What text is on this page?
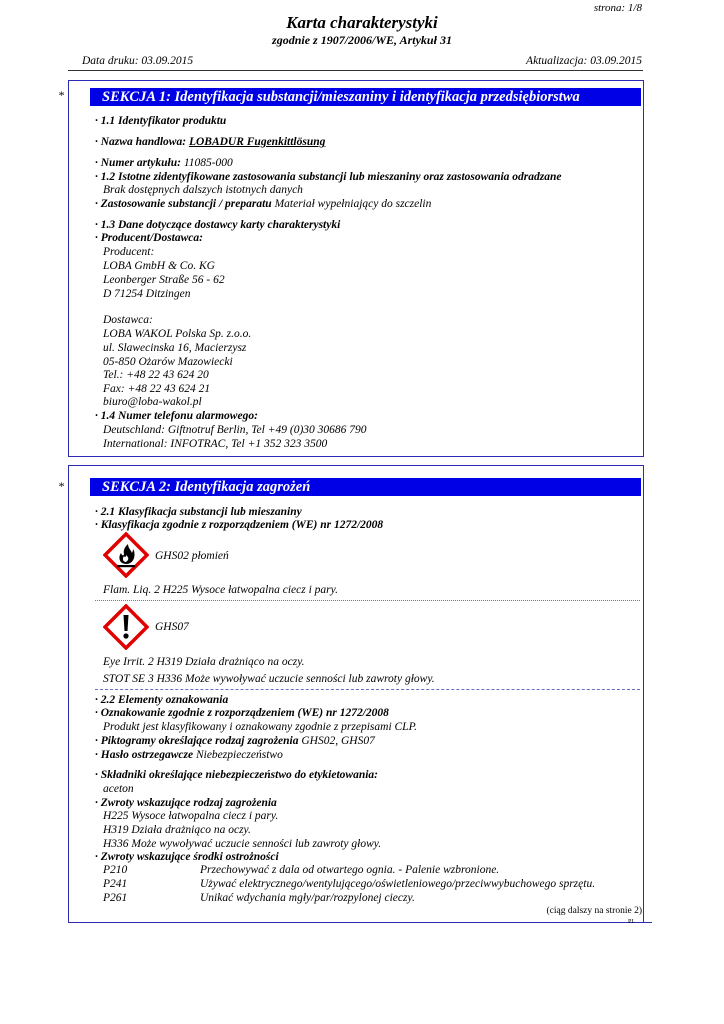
strona: 1/8
Karta charakterystyki
zgodnie z 1907/2006/WE, Artykuł 31
Data druku: 03.09.2015	Aktualizacja: 03.09.2015
*	SEKCJA 1: Identyfikacja substancji/mieszaniny i identyfikacja przedsiębiorstwa
· 1.1 Identyfikator produktu
· Nazwa handlowa: LOBADUR Fugenkittlösung
· Numer artykułu: 11085-000
· 1.2 Istotne zidentyfikowane zastosowania substancji lub mieszaniny oraz zastosowania odradzane
Brak dostępnych dalszych istotnych danych
· Zastosowanie substancji / preparatu Materiał wypełniający do szczelin
· 1.3 Dane dotyczące dostawcy karty charakterystyki
· Producent/Dostawca:
Producent:
LOBA GmbH & Co. KG
Leonberger Straße 56 - 62
D 71254 Ditzingen
Dostawca:
LOBA WAKOL Polska Sp. z.o.o.
ul. Slawecinska 16, Macierzysz
05-850 Ożarów Mazowiecki
Tel.: +48 22 43 624 20
Fax: +48 22 43 624 21
biuro@loba-wakol.pl
· 1.4 Numer telefonu alarmowego:
Deutschland: Giftnotruf Berlin, Tel +49 (0)30 30686 790
International: INFOTRAC, Tel +1 352 323 3500
*	SEKCJA 2: Identyfikacja zagrożeń
· 2.1 Klasyfikacja substancji lub mieszaniny
· Klasyfikacja zgodnie z rozporządzeniem (WE) nr 1272/2008
GHS02 płomień
Flam. Liq. 2 H225 Wysoce łatwopalna ciecz i pary.
GHS07
Eye Irrit. 2 H319 Działa drażniąco na oczy.
STOT SE 3 H336 Może wywoływać uczucie senności lub zawroty głowy.
· 2.2 Elementy oznakowania
· Oznakowanie zgodnie z rozporządzeniem (WE) nr 1272/2008
Produkt jest klasyfikowany i oznakowany zgodnie z przepisami CLP.
· Piktogramy określające rodzaj zagrożenia GHS02, GHS07
· Hasło ostrzegawcze Niebezpieczeństwo
· Składniki określające niebezpieczeństwo do etykietowania:
aceton
· Zwroty wskazujące rodzaj zagrożenia
H225 Wysoce łatwopalna ciecz i pary.
H319 Działa drażniąco na oczy.
H336 Może wywoływać uczucie senności lub zawroty głowy.
· Zwroty wskazujące środki ostrożności
P210	Przechowywać z dala od otwartego ognia. - Palenie wzbronione.
P241	Używać elektrycznego/wentylującego/oświetleniowego/przeciwwybuchowego sprzętu.
P261	Unikać wdychania mgły/par/rozpylonej cieczy.
(ciąg dalszy na stronie 2)
PL
